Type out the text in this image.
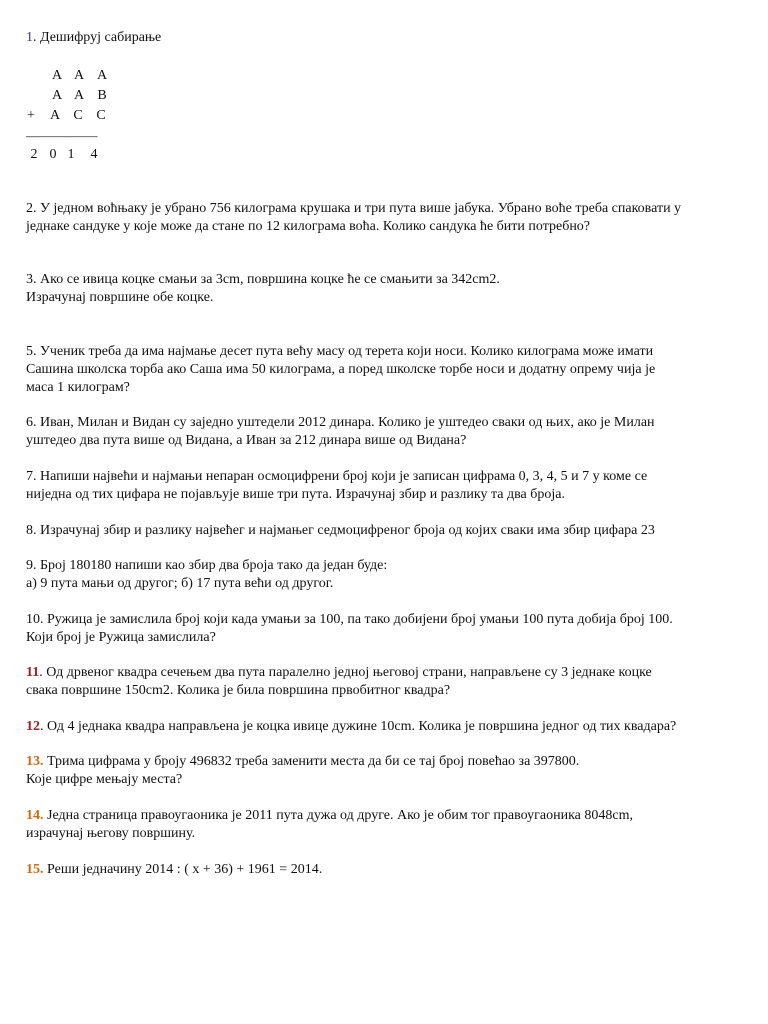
1. Дешифруј сабирање
А А А
А А В
+	А С С
–––––––––––
2 0 1	4
2. У једном воћњаку је убрано 756 килограма крушака и три пута више јабука. Убрано воће треба спаковати у
једнаке сандуке у које може да стане по 12 килограма воћа. Колико сандука ће бити потребно?
3. Ако се ивица коцке смањи за 3cm, површина коцке ће се смањити за 342cm2.
Израчунај површине обе коцке.
5. Ученик треба да има најмање десет пута већу масу од терета који носи. Колико килограма може имати
Сашина школска торба ако Саша има 50 килограма, а поред школске торбе носи и додатну опрему чија је
маса 1 килограм?
6. Иван, Милан и Видан су заједно уштедели 2012 динара. Колико је уштедео сваки од њих, ако је Милан
уштедео два пута више од Видана, а Иван за 212 динара више од Видана?
7. Напиши највећи и најмањи непаран осмоцифрени број који је записан цифрама 0, 3, 4, 5 и 7 у коме се
ниједна од тих цифара не појављује више три пута. Израчунај збир и разлику та два броја.
8. Израчунај збир и разлику највећег и најмањег седмоцифреног броја од којих сваки има збир цифара 23
9. Број 180180 напиши као збир два броја тако да један буде:
а) 9 пута мањи од другог; б) 17 пута већи од другог.
10. Ружица је замислила број који када умањи за 100, па тако добијени број умањи 100 пута добија број 100.
Који број је Ружица замислила?
11. Од дрвеног квадра сечењем два пута паралелно једној његовој страни, направљене су 3 једнаке коцке
свака површине 150cm2. Колика је била површина првобитног квадра?
12. Од 4 једнака квадра направљена је коцка ивице дужине 10cm. Колика је површина једног од тих квадара?
13. Трима цифрама у броју 496832 треба заменити места да би се тај број повећао за 397800.
Које цифре мењају места?
14. Једна страница правоугаоника је 2011 пута дужа од друге. Ако је обим тог правоугаоника 8048cm,
израчунај његову површину.
15. Реши једначину 2014 : ( x + 36) + 1961 = 2014.
